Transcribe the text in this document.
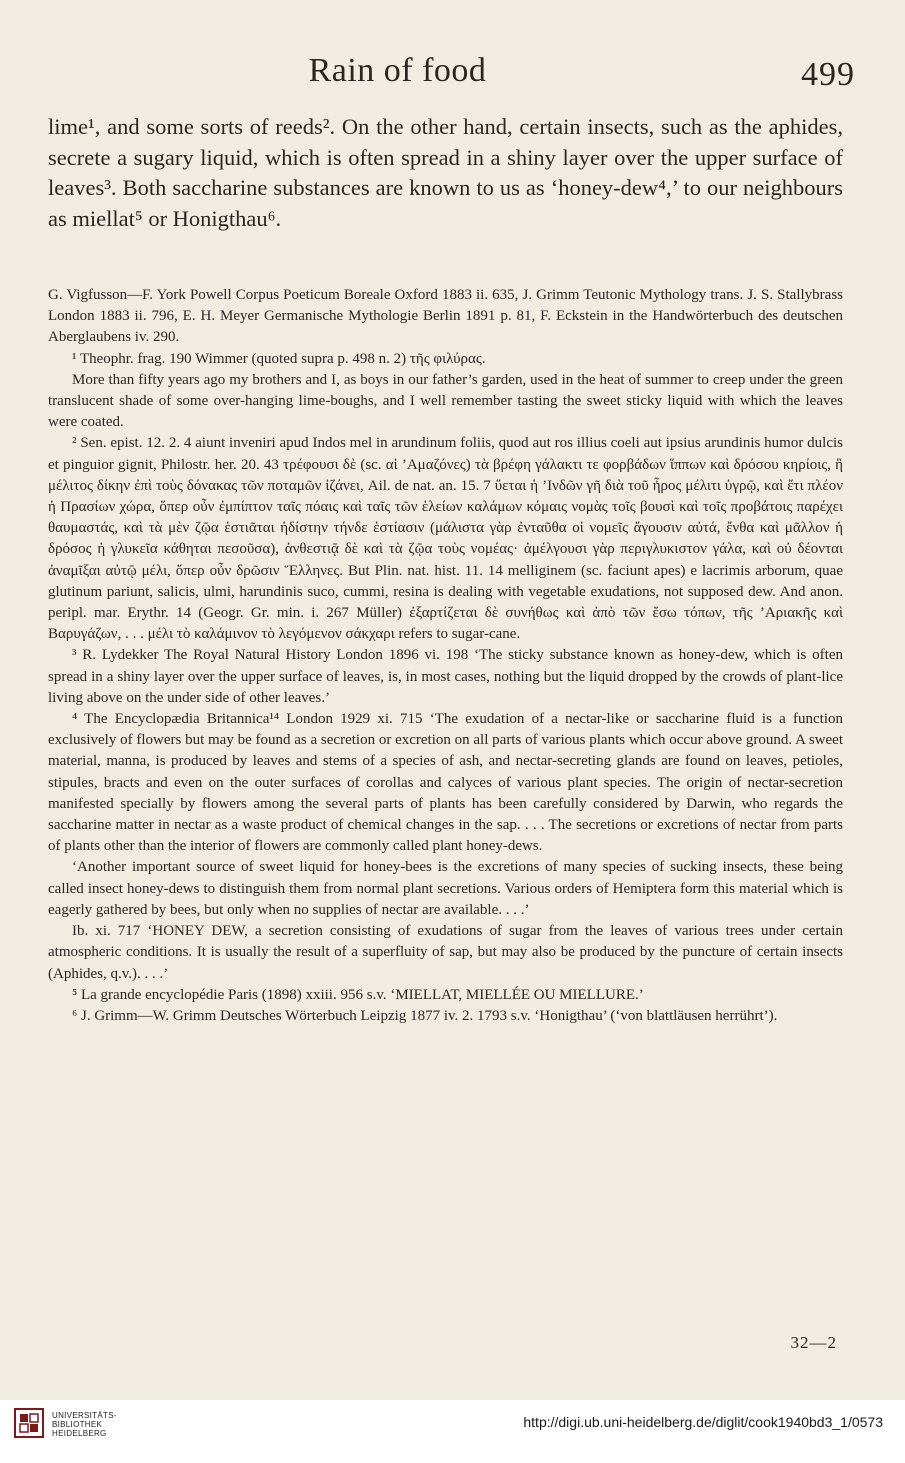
Rain of food	499

lime¹, and some sorts of reeds². On the other hand, certain insects, such as the aphides, secrete a sugary liquid, which is often spread in a shiny layer over the upper surface of leaves³. Both saccharine substances are known to us as ‘honey-dew⁴,’ to our neighbours as miellat⁵ or Honigthau⁶.

G. Vigfusson—F. York Powell Corpus Poeticum Boreale Oxford 1883 ii. 635, J. Grimm Teutonic Mythology trans. J. S. Stallybrass London 1883 ii. 796, E. H. Meyer Germanische Mythologie Berlin 1891 p. 81, F. Eckstein in the Handwörterbuch des deutschen Aberglaubens iv. 290.

¹ Theophr. frag. 190 Wimmer (quoted supra p. 498 n. 2) τῆς φιλύρας.

More than fifty years ago my brothers and I, as boys in our father’s garden, used in the heat of summer to creep under the green translucent shade of some over-hanging lime-boughs, and I well remember tasting the sweet sticky liquid with which the leaves were coated.

² Sen. epist. 12. 2. 4 aiunt inveniri apud Indos mel in arundinum foliis, quod aut ros illius coeli aut ipsius arundinis humor dulcis et pinguior gignit, Philostr. her. 20. 43 τρέφουσι δὲ (sc. αἱ ’Αμαζόνες) τὰ βρέφη γάλακτι τε φορβάδων ἵππων καὶ δρόσου κηρίοις, ἣ μέλιτος δίκην ἐπὶ τοὺς δόνακας τῶν ποταμῶν ἰζάνει, Ail. de nat. an. 15. 7 ὕεται ἡ ’Ινδῶν γῆ διὰ τοῦ ἦρος μέλιτι ὑγρῷ, καὶ ἔτι πλέον ἡ Πρασίων χώρα, ὅπερ οὖν ἐμπίπτον ταῖς πόαις καὶ ταῖς τῶν ἑλείων καλάμων κόμαις νομὰς τοῖς βουσὶ καὶ τοῖς προβάτοις παρέχει θαυμαστάς, καὶ τὰ μὲν ζῷα ἑστιᾶται ἡδίστην τήνδε ἑστίασιν (μάλιστα γὰρ ἐνταῦθα οἱ νομεῖς ἄγουσιν αὐτά, ἔνθα καὶ μᾶλλον ἡ δρόσος ἡ γλυκεῖα κάθηται πεσοῦσα), ἀνθεστιᾷ δὲ καὶ τὰ ζῷα τοὺς νομέας· ἀμέλγουσι γὰρ περιγλυκιστον γάλα, καὶ οὐ δέονται ἀναμῖξαι αὐτῷ μέλι, ὅπερ οὖν δρῶσιν Ἕλληνες. But Plin. nat. hist. 11. 14 melliginem (sc. faciunt apes) e lacrimis arborum, quae glutinum pariunt, salicis, ulmi, harundinis suco, cummi, resina is dealing with vegetable exudations, not supposed dew. And anon. peripl. mar. Erythr. 14 (Geogr. Gr. min. i. 267 Müller) ἐξαρτίζεται δὲ συνήθως καὶ ἀπὸ τῶν ἔσω τόπων, τῆς ’Αριακῆς καὶ Βαρυγάζων, . . . μέλι τὸ καλάμινον τὸ λεγόμενον σάκχαρι refers to sugar-cane.

³ R. Lydekker The Royal Natural History London 1896 vi. 198 ‘The sticky substance known as honey-dew, which is often spread in a shiny layer over the upper surface of leaves, is, in most cases, nothing but the liquid dropped by the crowds of plant-lice living above on the under side of other leaves.’

⁴ The Encyclopædia Britannica¹⁴ London 1929 xi. 715 ‘The exudation of a nectar-like or saccharine fluid is a function exclusively of flowers but may be found as a secretion or excretion on all parts of various plants which occur above ground. A sweet material, manna, is produced by leaves and stems of a species of ash, and nectar-secreting glands are found on leaves, petioles, stipules, bracts and even on the outer surfaces of corollas and calyces of various plant species. The origin of nectar-secretion manifested specially by flowers among the several parts of plants has been carefully considered by Darwin, who regards the saccharine matter in nectar as a waste product of chemical changes in the sap. . . . The secretions or excretions of nectar from parts of plants other than the interior of flowers are commonly called plant honey-dews.

‘Another important source of sweet liquid for honey-bees is the excretions of many species of sucking insects, these being called insect honey-dews to distinguish them from normal plant secretions. Various orders of Hemiptera form this material which is eagerly gathered by bees, but only when no supplies of nectar are available. . . .’

Ib. xi. 717 ‘HONEY DEW, a secretion consisting of exudations of sugar from the leaves of various trees under certain atmospheric conditions. It is usually the result of a superfluity of sap, but may also be produced by the puncture of certain insects (Aphides, q.v.). . . .’

⁵ La grande encyclopédie Paris (1898) xxiii. 956 s.v. ‘MIELLAT, MIELLÉE OU MIELLURE.’

⁶ J. Grimm—W. Grimm Deutsches Wörterbuch Leipzig 1877 iv. 2. 1793 s.v. ‘Honigthau’ (‘von blattläusen herrührt’).

32—2
UNIVERSITÄTS-
BIBLIOTHEK
HEIDELBERG
http://digi.ub.uni-heidelberg.de/diglit/cook1940bd3_1/0573
